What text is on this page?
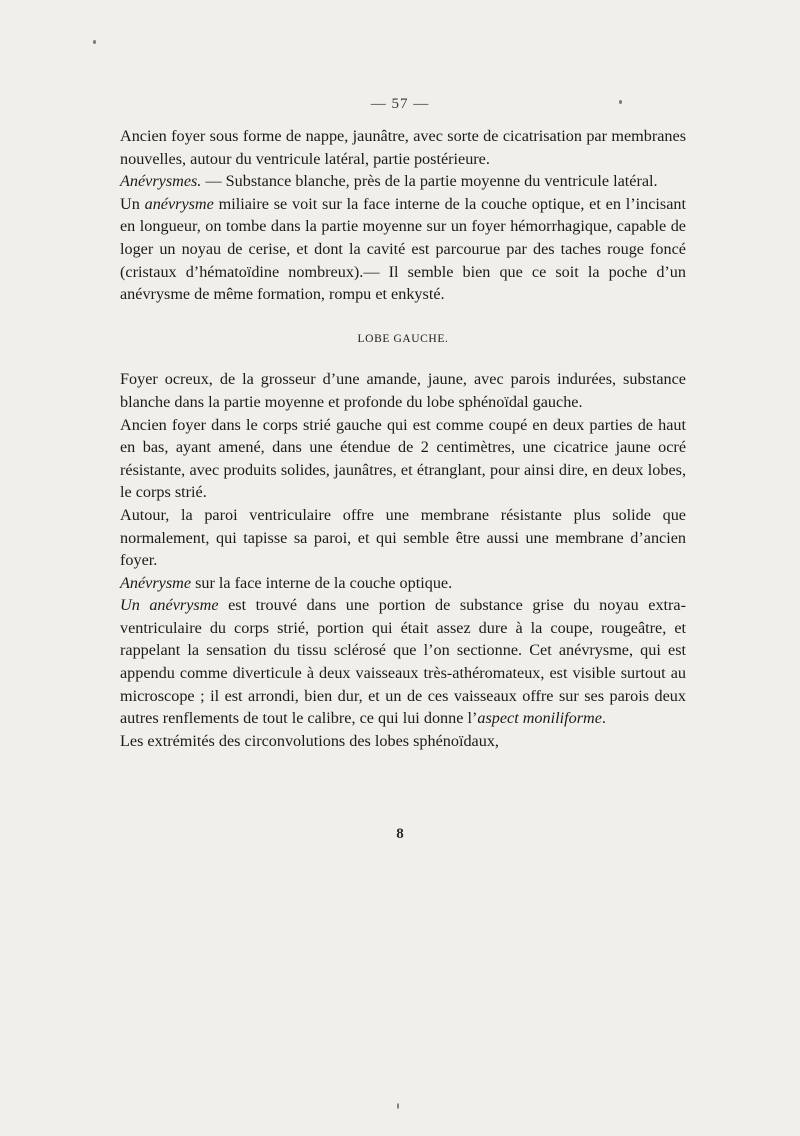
— 57 —

Ancien foyer sous forme de nappe, jaunâtre, avec sorte de cicatrisation par membranes nouvelles, autour du ventricule latéral, partie postérieure.

Anévrysmes. — Substance blanche, près de la partie moyenne du ventricule latéral.

Un anévrysme miliaire se voit sur la face interne de la couche optique, et en l’incisant en longueur, on tombe dans la partie moyenne sur un foyer hémorrhagique, capable de loger un noyau de cerise, et dont la cavité est parcourue par des taches rouge foncé (cristaux d’hématoïdine nombreux).— Il semble bien que ce soit la poche d’un anévrysme de même formation, rompu et enkysté.

LOBE GAUCHE.

Foyer ocreux, de la grosseur d’une amande, jaune, avec parois indurées, substance blanche dans la partie moyenne et profonde du lobe sphénoïdal gauche.

Ancien foyer dans le corps strié gauche qui est comme coupé en deux parties de haut en bas, ayant amené, dans une étendue de 2 centimètres, une cicatrice jaune ocré résistante, avec produits solides, jaunâtres, et étranglant, pour ainsi dire, en deux lobes, le corps strié.

Autour, la paroi ventriculaire offre une membrane résistante plus solide que normalement, qui tapisse sa paroi, et qui semble être aussi une membrane d’ancien foyer.

Anévrysme sur la face interne de la couche optique.

Un anévrysme est trouvé dans une portion de substance grise du noyau extra-ventriculaire du corps strié, portion qui était assez dure à la coupe, rougeâtre, et rappelant la sensation du tissu sclérosé que l’on sectionne. Cet anévrysme, qui est appendu comme diverticule à deux vaisseaux très-athéromateux, est visible surtout au microscope ; il est arrondi, bien dur, et un de ces vaisseaux offre sur ses parois deux autres renflements de tout le calibre, ce qui lui donne l’aspect moniliforme.

Les extrémités des circonvolutions des lobes sphénoïdaux,

8
